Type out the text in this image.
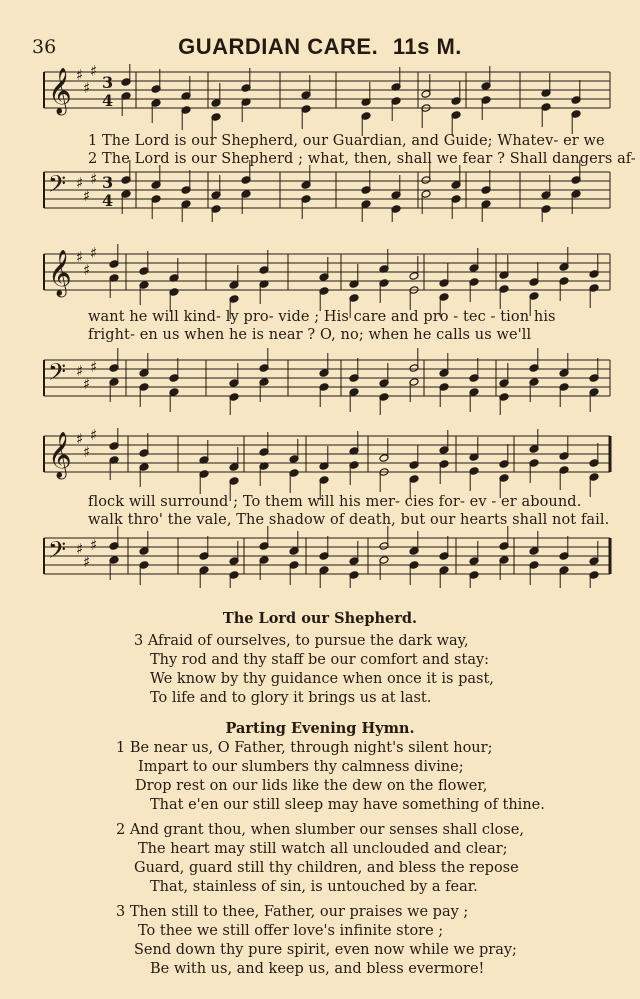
36	GUARDIAN CARE. 11s M.
𝄞
𝄢
♯
♯
♯
♯
♯
♯
3
4
3
4
1 The Lord is our Shepherd, our Guardian, and Guide; Whatev- er we
2 The Lord is our Shepherd ; what, then, shall we fear ? Shall dangers af-
𝄞
𝄢
♯
♯
♯
♯
♯
♯
want he will kind- ly pro- vide ; His care and pro - tec - tion his
fright- en us when he is near ? O, no; when he calls us we'll
𝄞
𝄢
♯
♯
♯
♯
♯
♯
flock will surround ; To them will his mer- cies for- ev - er abound.
walk thro' the vale, The shadow of death, but our hearts shall not fail.
The Lord our Shepherd.
3 Afraid of ourselves, to pursue the dark way,
Thy rod and thy staff be our comfort and stay:
We know by thy guidance when once it is past,
To life and to glory it brings us at last.
Parting Evening Hymn.
1 Be near us, O Father, through night's silent hour;
Impart to our slumbers thy calmness divine;
Drop rest on our lids like the dew on the flower,
That e'en our still sleep may have something of thine.
2 And grant thou, when slumber our senses shall close,
The heart may still watch all unclouded and clear;
Guard, guard still thy children, and bless the repose
That, stainless of sin, is untouched by a fear.
3 Then still to thee, Father, our praises we pay ;
To thee we still offer love's infinite store ;
Send down thy pure spirit, even now while we pray;
Be with us, and keep us, and bless evermore!
